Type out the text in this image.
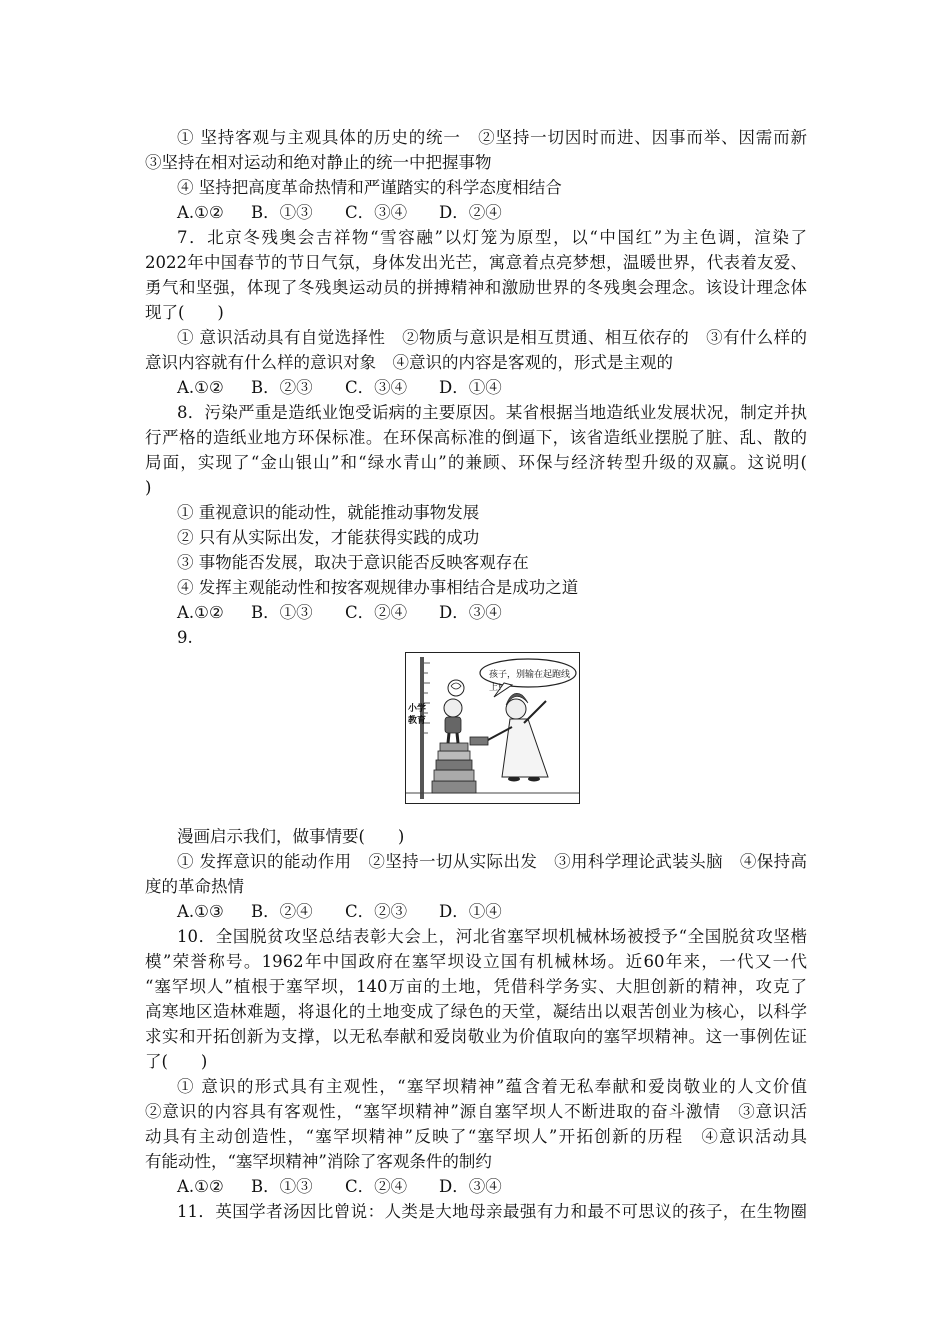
① 坚持客观与主观具体的历史的统一　②坚持一切因时而进、因事而举、因需而新
③坚持在相对运动和绝对静止的统一中把握事物
④ 坚持把高度革命热情和严谨踏实的科学态度相结合
A.①② B．①③ C．③④ D．②④
7．北京冬残奥会吉祥物“雪容融”以灯笼为原型，以“中国红”为主色调，渲染了
2022年中国春节的节日气氛，身体发出光芒，寓意着点亮梦想，温暖世界，代表着友爱、
勇气和坚强，体现了冬残奥运动员的拼搏精神和激励世界的冬残奥会理念。该设计理念体
现了(　　)
① 意识活动具有自觉选择性　②物质与意识是相互贯通、相互依存的　③有什么样的
意识内容就有什么样的意识对象　④意识的内容是客观的，形式是主观的
A.①② B．②③ C．③④ D．①④
8．污染严重是造纸业饱受诟病的主要原因。某省根据当地造纸业发展状况，制定并执
行严格的造纸业地方环保标准。在环保高标准的倒逼下，该省造纸业摆脱了脏、乱、散的
局面，实现了“金山银山”和“绿水青山”的兼顾、环保与经济转型升级的双赢。这说明(
)
① 重视意识的能动性，就能推动事物发展
② 只有从实际出发，才能获得实践的成功
③ 事物能否发展，取决于意识能否反映客观存在
④ 发挥主观能动性和按客观规律办事相结合是成功之道
A.①② B．①③ C．②④ D．③④
9.
孩子，别输在起跑线上!
小学
教育
漫画启示我们，做事情要(　　)
① 发挥意识的能动作用　②坚持一切从实际出发　③用科学理论武装头脑　④保持高
度的革命热情
A.①③ B．②④ C．②③ D．①④
10．全国脱贫攻坚总结表彰大会上，河北省塞罕坝机械林场被授予“全国脱贫攻坚楷
模”荣誉称号。1962年中国政府在塞罕坝设立国有机械林场。近60年来，一代又一代
“塞罕坝人”植根于塞罕坝，140万亩的土地，凭借科学务实、大胆创新的精神，攻克了
高寒地区造林难题，将退化的土地变成了绿色的天堂，凝结出以艰苦创业为核心，以科学
求实和开拓创新为支撑，以无私奉献和爱岗敬业为价值取向的塞罕坝精神。这一事例佐证
了(　　)
① 意识的形式具有主观性，“塞罕坝精神”蕴含着无私奉献和爱岗敬业的人文价值
②意识的内容具有客观性，“塞罕坝精神”源自塞罕坝人不断进取的奋斗激情　③意识活
动具有主动创造性，“塞罕坝精神”反映了“塞罕坝人”开拓创新的历程　④意识活动具
有能动性，“塞罕坝精神”消除了客观条件的制约
A.①② B．①③ C．②④ D．③④
11．英国学者汤因比曾说：人类是大地母亲最强有力和最不可思议的孩子，在生物圈
